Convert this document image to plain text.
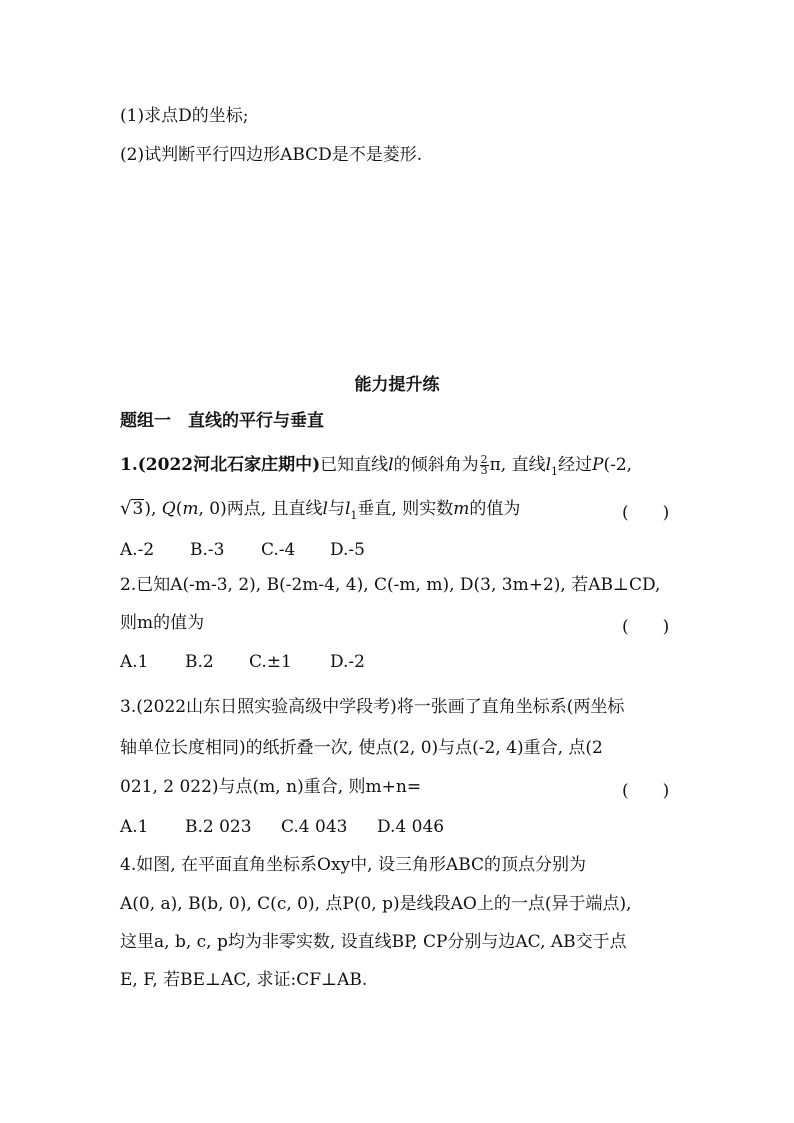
(1)求点D的坐标;
(2)试判断平行四边形ABCD是不是菱形.
能力提升练
题组一　直线的平行与垂直
1.(2022河北石家庄期中)已知直线l的倾斜角为 $\frac{2}{3} \pi$, 直线$l_1$经过P(-2,
√ 3 ), Q(m, 0)两点, 且直线l与$l_1$垂直, 则实数m的值为	(　　)
A.-2 B.-3 C.-4 D.-5
2.已知A(-m-3, 2), B(-2m-4, 4), C(-m, m), D(3, 3m+2), 若AB⊥CD,
则m的值为	(　　)
A.1 B.2 C.±1 D.-2
3.(2022山东日照实验高级中学段考)将一张画了直角坐标系(两坐标
轴单位长度相同)的纸折叠一次, 使点(2, 0)与点(-2, 4)重合, 点(2
021, 2 022)与点(m, n)重合, 则m+n=	(　　)
A.1 B.2 023 C.4 043 D.4 046
4.如图, 在平面直角坐标系Oxy中, 设三角形ABC的顶点分别为
A(0, a), B(b, 0), C(c, 0), 点P(0, p)是线段AO上的一点(异于端点),
这里a, b, c, p均为非零实数, 设直线BP, CP分别与边AC, AB交于点
E, F, 若BE⊥AC, 求证:CF⊥AB.
